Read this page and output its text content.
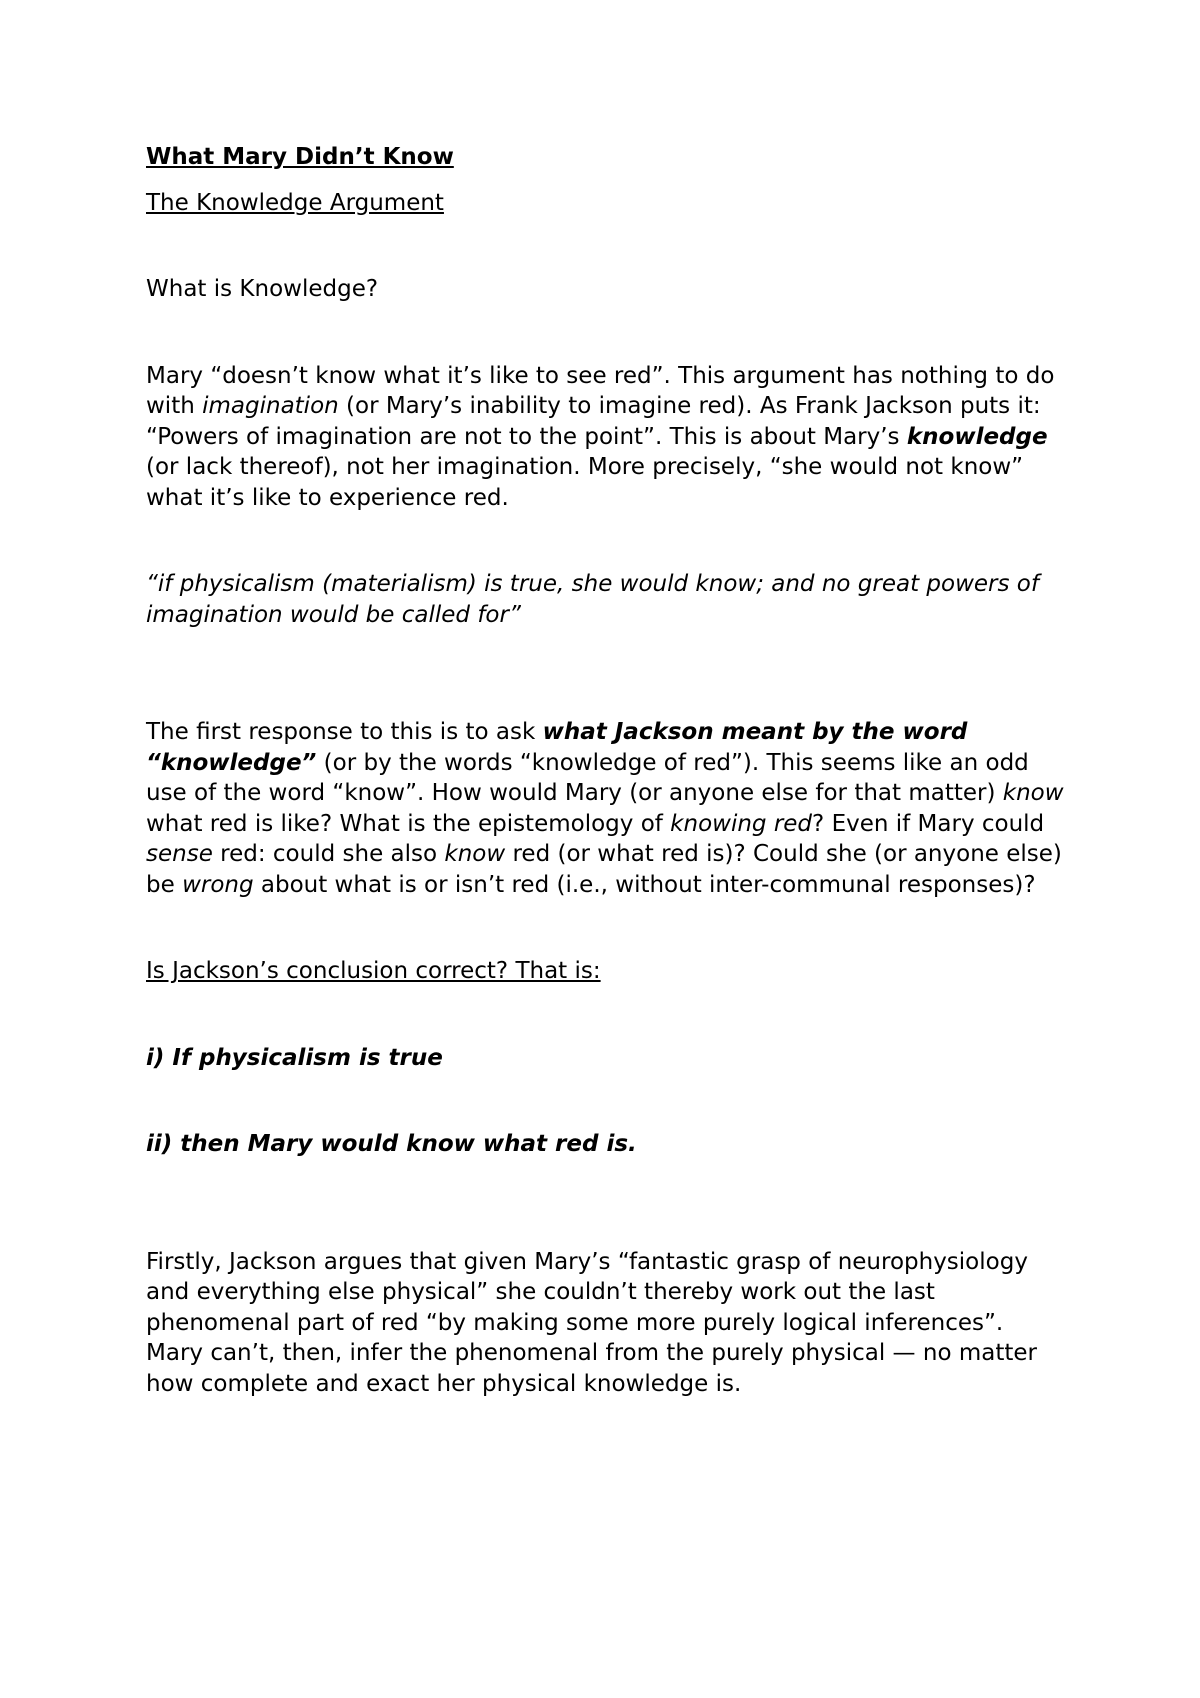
What Mary Didn’t Know

The Knowledge Argument

What is Knowledge?

Mary “doesn’t know what it’s like to see red”. This argument has nothing to do with imagination (or Mary’s inability to imagine red). As Frank Jackson puts it: “Powers of imagination are not to the point”. This is about Mary’s knowledge (or lack thereof), not her imagination. More precisely, “she would not know” what it’s like to experience red.

“if physicalism (materialism) is true, she would know; and no great powers of imagination would be called for”

The first response to this is to ask what Jackson meant by the word “knowledge” (or by the words “knowledge of red”). This seems like an odd use of the word “know”. How would Mary (or anyone else for that matter) know what red is like? What is the epistemology of knowing red? Even if Mary could sense red: could she also know red (or what red is)? Could she (or anyone else) be wrong about what is or isn’t red (i.e., without inter-communal responses)?

Is Jackson’s conclusion correct? That is:

i) If physicalism is true

ii) then Mary would know what red is.

Firstly, Jackson argues that given Mary’s “fantastic grasp of neurophysiology and everything else physical” she couldn’t thereby work out the last phenomenal part of red “by making some more purely logical inferences”. Mary can’t, then, infer the phenomenal from the purely physical — no matter how complete and exact her physical knowledge is.
